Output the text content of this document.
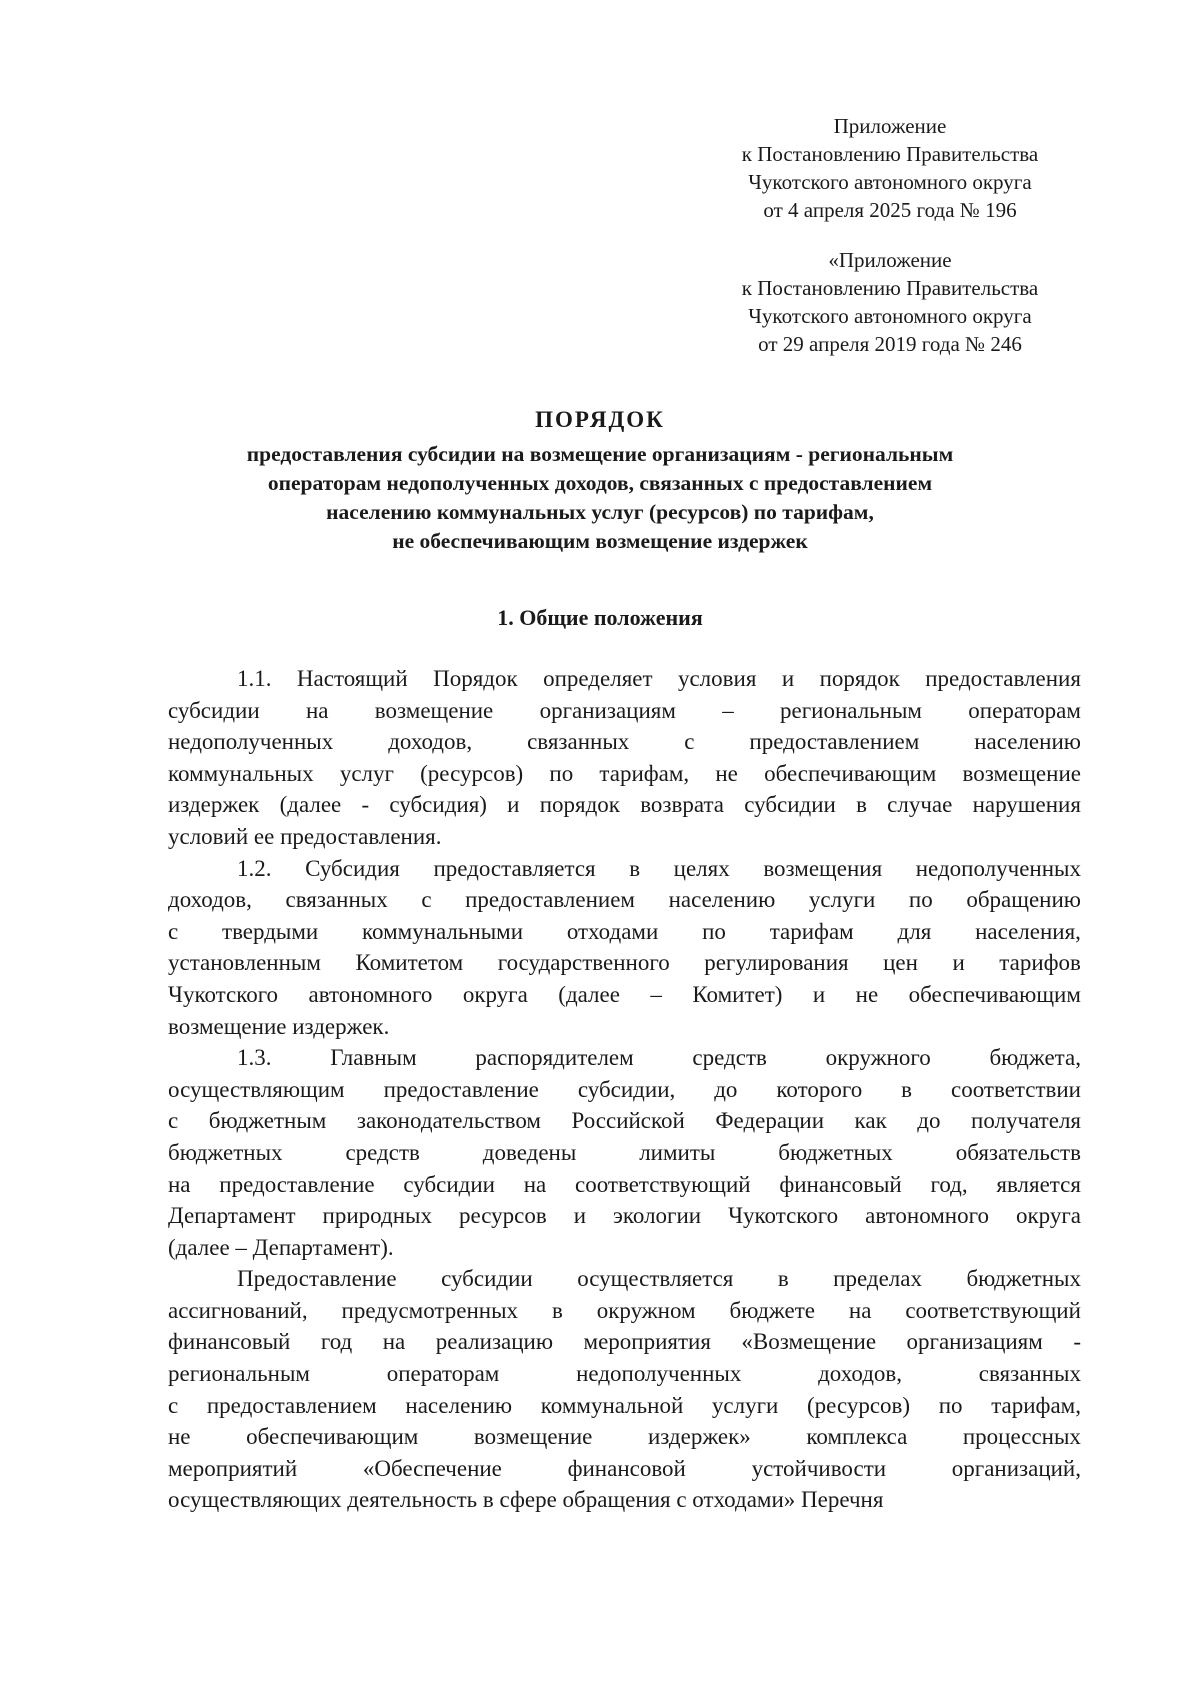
Приложение
к Постановлению Правительства
Чукотского автономного округа
от 4 апреля 2025 года № 196
«Приложение
к Постановлению Правительства
Чукотского автономного округа
от 29 апреля 2019 года № 246
ПОРЯДОК
предоставления субсидии на возмещение организациям - региональным
операторам недополученных доходов, связанных с предоставлением
населению коммунальных услуг (ресурсов) по тарифам,
не обеспечивающим возмещение издержек
1. Общие положения
1.1. Настоящий Порядок определяет условия и порядок предоставления
субсидии на возмещение организациям – региональным операторам
недополученных доходов, связанных с предоставлением населению
коммунальных услуг (ресурсов) по тарифам, не обеспечивающим возмещение
издержек (далее - субсидия) и порядок возврата субсидии в случае нарушения
условий ее предоставления.
1.2. Субсидия предоставляется в целях возмещения недополученных
доходов, связанных с предоставлением населению услуги по обращению
с твердыми коммунальными отходами по тарифам для населения,
установленным Комитетом государственного регулирования цен и тарифов
Чукотского автономного округа (далее – Комитет) и не обеспечивающим
возмещение издержек.
1.3.	Главным	распорядителем	средств	окружного	бюджета,
осуществляющим предоставление субсидии, до которого в соответствии
с бюджетным законодательством Российской Федерации как до получателя
бюджетных	средств	доведены	лимиты	бюджетных	обязательств
на предоставление субсидии на соответствующий финансовый год, является
Департамент природных ресурсов и экологии Чукотского автономного округа
(далее – Департамент).
Предоставление субсидии осуществляется в пределах бюджетных
ассигнований, предусмотренных в окружном бюджете на соответствующий
финансовый год на реализацию мероприятия «Возмещение организациям -
региональным	операторам	недополученных	доходов,	связанных
с предоставлением населению коммунальной услуги (ресурсов) по тарифам,
не обеспечивающим возмещение издержек» комплекса процессных
мероприятий	«Обеспечение	финансовой	устойчивости	организаций,
осуществляющих деятельность в сфере обращения с отходами» Перечня
